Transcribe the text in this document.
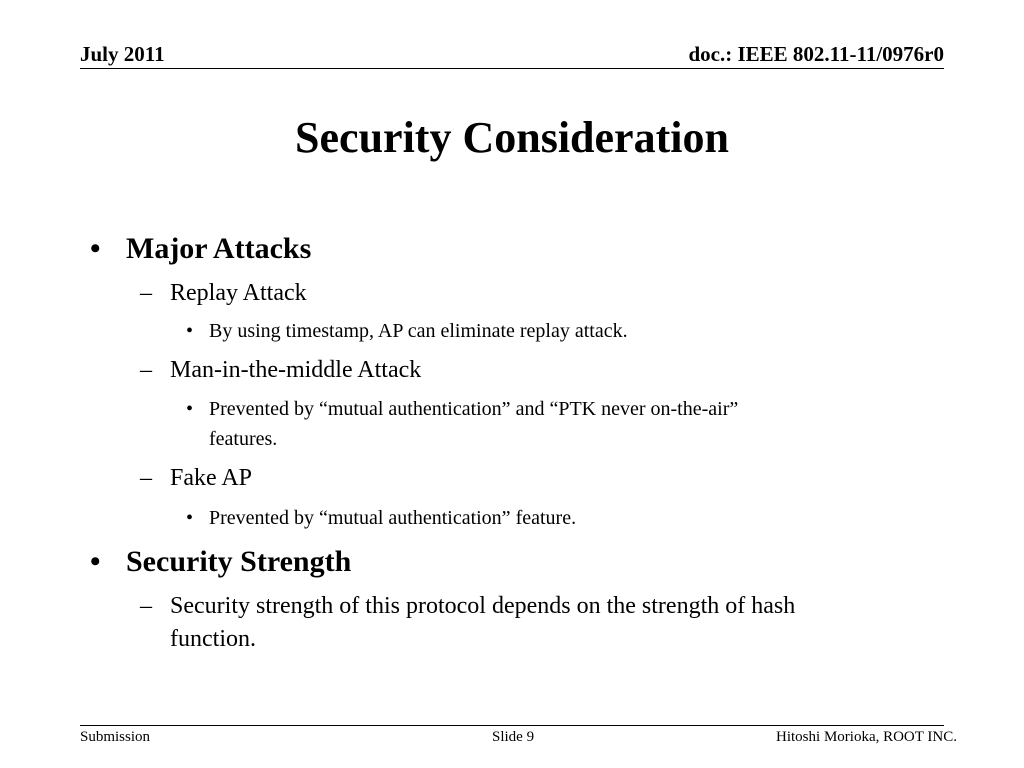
July 2011	doc.: IEEE 802.11-11/0976r0
Security Consideration
• Major Attacks
– Replay Attack
• By using timestamp, AP can eliminate replay attack.
– Man-in-the-middle Attack
• Prevented by “mutual authentication” and “PTK never on-the-air”
features.
– Fake AP
• Prevented by “mutual authentication” feature.
• Security Strength
– Security strength of this protocol depends on the strength of hash
function.
Submission	Slide 9	Hitoshi Morioka, ROOT INC.
